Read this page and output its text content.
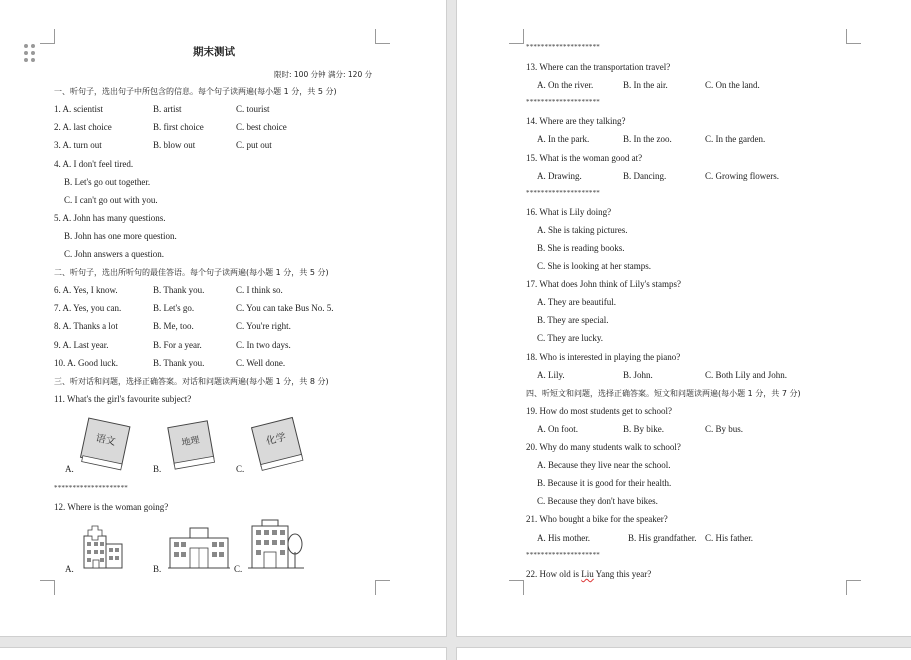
期末测试
限时: 100 分钟 满分: 120 分
一、听句子，选出句子中所包含的信息。每个句子读两遍(每小题 1 分，共 5 分)
1. A. scientist	B. artist	C. tourist
2. A. last choice	B. first choice	C. best choice
3. A. turn out	B. blow out	C. put out
4. A. I don't feel tired.
B. Let's go out together.
C. I can't go out with you.
5. A. John has many questions.
B. John has one more question.
C. John answers a question.
二、听句子，选出所听句的最佳答语。每个句子读两遍(每小题 1 分，共 5 分)
6. A. Yes, I know.	B. Thank you.	C. I think so.
7. A. Yes, you can.	B. Let's go.	C. You can take Bus No. 5.
8. A. Thanks a lot	B. Me, too.	C. You're right.
9. A. Last year.	B. For a year.	C. In two days.
10. A. Good luck.	B. Thank you.	C. Well done.
三、听对话和问题，选择正确答案。对话和问题读两遍(每小题 1 分，共 8 分)
11. What's the girl's favourite subject?
语文	地理	化学
A.	B.	C.
********************
12. Where is the woman going?
A.	B.	C.
********************
13. Where can the transportation travel?
A. On the river.	B. In the air.	C. On the land.
********************
14. Where are they talking?
A. In the park.	B. In the zoo.	C. In the garden.
15. What is the woman good at?
A. Drawing.	B. Dancing.	C. Growing flowers.
********************
16. What is Lily doing?
A. She is taking pictures.
B. She is reading books.
C. She is looking at her stamps.
17. What does John think of Lily's stamps?
A. They are beautiful.
B. They are special.
C. They are lucky.
18. Who is interested in playing the piano?
A. Lily.	B. John.	C. Both Lily and John.
四、听短文和问题，选择正确答案。短文和问题读两遍(每小题 1 分，共 7 分)
19. How do most students get to school?
A. On foot.	B. By bike.	C. By bus.
20. Why do many students walk to school?
A. Because they live near the school.
B. Because it is good for their health.
C. Because they don't have bikes.
21. Who bought a bike for the speaker?
A. His mother.	B. His grandfather. C. His father.
********************
22. How old is Liu Yang this year?
